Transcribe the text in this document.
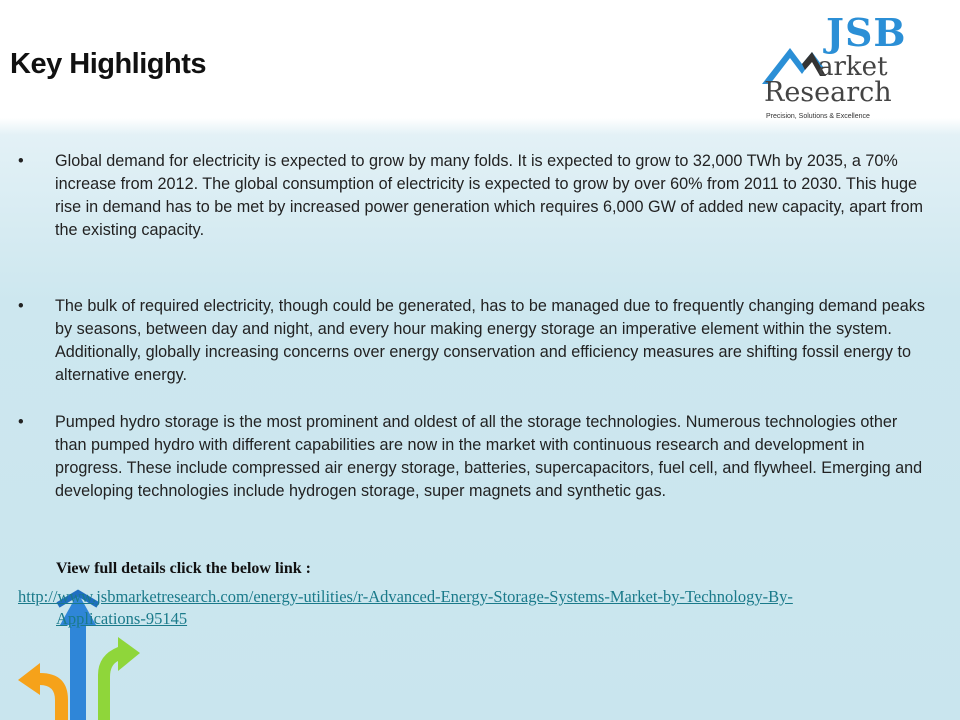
Key Highlights
JSB
arket
Research
Precision, Solutions & Excellence
• Global demand for electricity is expected to grow by many folds. It is expected to grow to 32,000 TWh by 2035, a 70% increase from 2012. The global consumption of electricity is expected to grow by over 60% from 2011 to 2030. This huge rise in demand has to be met by increased power generation which requires 6,000 GW of added new capacity, apart from the existing capacity.
• The bulk of required electricity, though could be generated, has to be managed due to frequently changing demand peaks by seasons, between day and night, and every hour making energy storage an imperative element within the system. Additionally, globally increasing concerns over energy conservation and efficiency measures are shifting fossil energy to alternative energy.
• Pumped hydro storage is the most prominent and oldest of all the storage technologies. Numerous technologies other than pumped hydro with different capabilities are now in the market with continuous research and development in progress. These include compressed air energy storage, batteries, supercapacitors, fuel cell, and flywheel. Emerging and developing technologies include hydrogen storage, super magnets and synthetic gas.
View full details click the below link :
http://www.jsbmarketresearch.com/energy-utilities/r-Advanced-Energy-Storage-Systems-Market-by-Technology-By-
Applications-95145
